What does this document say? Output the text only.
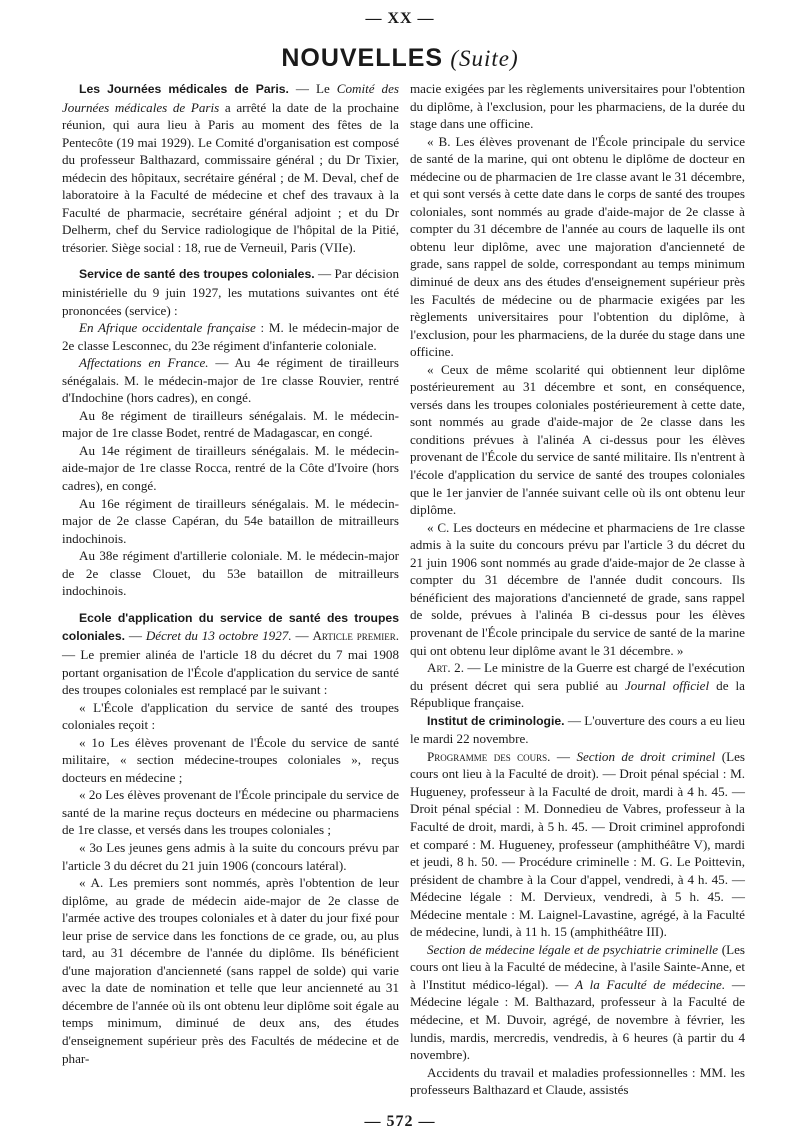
— XX —
NOUVELLES (Suite)

Les Journées médicales de Paris. — Le Comité des Journées médicales de Paris a arrêté la date de la prochaine réunion, qui aura lieu à Paris au moment des fêtes de la Pentecôte (19 mai 1929). Le Comité d'organisation est composé du professeur Balthazard, commissaire général ; du Dr Tixier, médecin des hôpitaux, secrétaire général ; de M. Deval, chef de laboratoire à la Faculté de médecine et chef des travaux à la Faculté de pharmacie, secrétaire général adjoint ; et du Dr Delherm, chef du Service radiologique de l'hôpital de la Pitié, trésorier. Siège social : 18, rue de Verneuil, Paris (VIIe).

Service de santé des troupes coloniales. — Par décision ministérielle du 9 juin 1927, les mutations suivantes ont été prononcées (service) :

En Afrique occidentale française : M. le médecin-major de 2e classe Lesconnec, du 23e régiment d'infanterie coloniale.

Affectations en France. — Au 4e régiment de tirailleurs sénégalais. M. le médecin-major de 1re classe Rouvier, rentré d'Indochine (hors cadres), en congé.

Au 8e régiment de tirailleurs sénégalais. M. le médecin-major de 1re classe Bodet, rentré de Madagascar, en congé.

Au 14e régiment de tirailleurs sénégalais. M. le médecin-aide-major de 1re classe Rocca, rentré de la Côte d'Ivoire (hors cadres), en congé.

Au 16e régiment de tirailleurs sénégalais. M. le médecin-major de 2e classe Capéran, du 54e bataillon de mitrailleurs indochinois.

Au 38e régiment d'artillerie coloniale. M. le médecin-major de 2e classe Clouet, du 53e bataillon de mitrailleurs indochinois.

Ecole d'application du service de santé des troupes coloniales. — Décret du 13 octobre 1927. — Article premier. — Le premier alinéa de l'article 18 du décret du 7 mai 1908 portant organisation de l'École d'application du service de santé des troupes coloniales est remplacé par le suivant :

« L'École d'application du service de santé des troupes coloniales reçoit :

« 1o Les élèves provenant de l'École du service de santé militaire, « section médecine-troupes coloniales », reçus docteurs en médecine ;

« 2o Les élèves provenant de l'École principale du service de santé de la marine reçus docteurs en médecine ou pharmaciens de 1re classe, et versés dans les troupes coloniales ;

« 3o Les jeunes gens admis à la suite du concours prévu par l'article 3 du décret du 21 juin 1906 (concours latéral).

« A. Les premiers sont nommés, après l'obtention de leur diplôme, au grade de médecin aide-major de 2e classe de l'armée active des troupes coloniales et à dater du jour fixé pour leur prise de service dans les fonctions de ce grade, ou, au plus tard, au 31 décembre de l'année du diplôme. Ils bénéficient d'une majoration d'ancienneté (sans rappel de solde) qui varie avec la date de nomination et telle que leur ancienneté au 31 décembre de l'année où ils ont obtenu leur diplôme soit égale au temps minimum, diminué de deux ans, des études d'enseignement supérieur près des Facultés de médecine et de phar-

macie exigées par les règlements universitaires pour l'obtention du diplôme, à l'exclusion, pour les pharmaciens, de la durée du stage dans une officine.

« B. Les élèves provenant de l'École principale du service de santé de la marine, qui ont obtenu le diplôme de docteur en médecine ou de pharmacien de 1re classe avant le 31 décembre, et qui sont versés à cette date dans le corps de santé des troupes coloniales, sont nommés au grade d'aide-major de 2e classe à compter du 31 décembre de l'année au cours de laquelle ils ont obtenu leur diplôme, avec une majoration d'ancienneté de grade, sans rappel de solde, correspondant au temps minimum diminué de deux ans des études d'enseignement supérieur près les Facultés de médecine ou de pharmacie exigées par les règlements universitaires pour l'obtention du diplôme, à l'exclusion, pour les pharmaciens, de la durée du stage dans une officine.

« Ceux de même scolarité qui obtiennent leur diplôme postérieurement au 31 décembre et sont, en conséquence, versés dans les troupes coloniales postérieurement à cette date, sont nommés au grade d'aide-major de 2e classe dans les conditions prévues à l'alinéa A ci-dessus pour les élèves provenant de l'École du service de santé militaire. Ils n'entrent à l'école d'application du service de santé des troupes coloniales que le 1er janvier de l'année suivant celle où ils ont obtenu leur diplôme.

« C. Les docteurs en médecine et pharmaciens de 1re classe admis à la suite du concours prévu par l'article 3 du décret du 21 juin 1906 sont nommés au grade d'aide-major de 2e classe à compter du 31 décembre de l'année dudit concours. Ils bénéficient des majorations d'ancienneté de grade, sans rappel de solde, prévues à l'alinéa B ci-dessus pour les élèves provenant de l'École principale du service de santé de la marine qui ont obtenu leur diplôme avant le 31 décembre. »

Art. 2. — Le ministre de la Guerre est chargé de l'exécution du présent décret qui sera publié au Journal officiel de la République française.

Institut de criminologie. — L'ouverture des cours a eu lieu le mardi 22 novembre.

Programme des cours. — Section de droit criminel (Les cours ont lieu à la Faculté de droit). — Droit pénal spécial : M. Hugueney, professeur à la Faculté de droit, mardi à 4 h. 45. — Droit pénal spécial : M. Donnedieu de Vabres, professeur à la Faculté de droit, mardi, à 5 h. 45. — Droit criminel approfondi et comparé : M. Hugueney, professeur (amphithéâtre V), mardi et jeudi, 8 h. 50. — Procédure criminelle : M. G. Le Poittevin, président de chambre à la Cour d'appel, vendredi, à 4 h. 45. — Médecine légale : M. Dervieux, vendredi, à 5 h. 45. — Médecine mentale : M. Laignel-Lavastine, agrégé, à la Faculté de médecine, lundi, à 11 h. 15 (amphithéâtre III).

Section de médecine légale et de psychiatrie criminelle (Les cours ont lieu à la Faculté de médecine, à l'asile Sainte-Anne, et à l'Institut médico-légal). — A la Faculté de médecine. — Médecine légale : M. Balthazard, professeur à la Faculté de médecine, et M. Duvoir, agrégé, de novembre à février, les lundis, mardis, mercredis, vendredis, à 6 heures (à partir du 4 novembre).

Accidents du travail et maladies professionnelles : MM. les professeurs Balthazard et Claude, assistés

— 572 —
